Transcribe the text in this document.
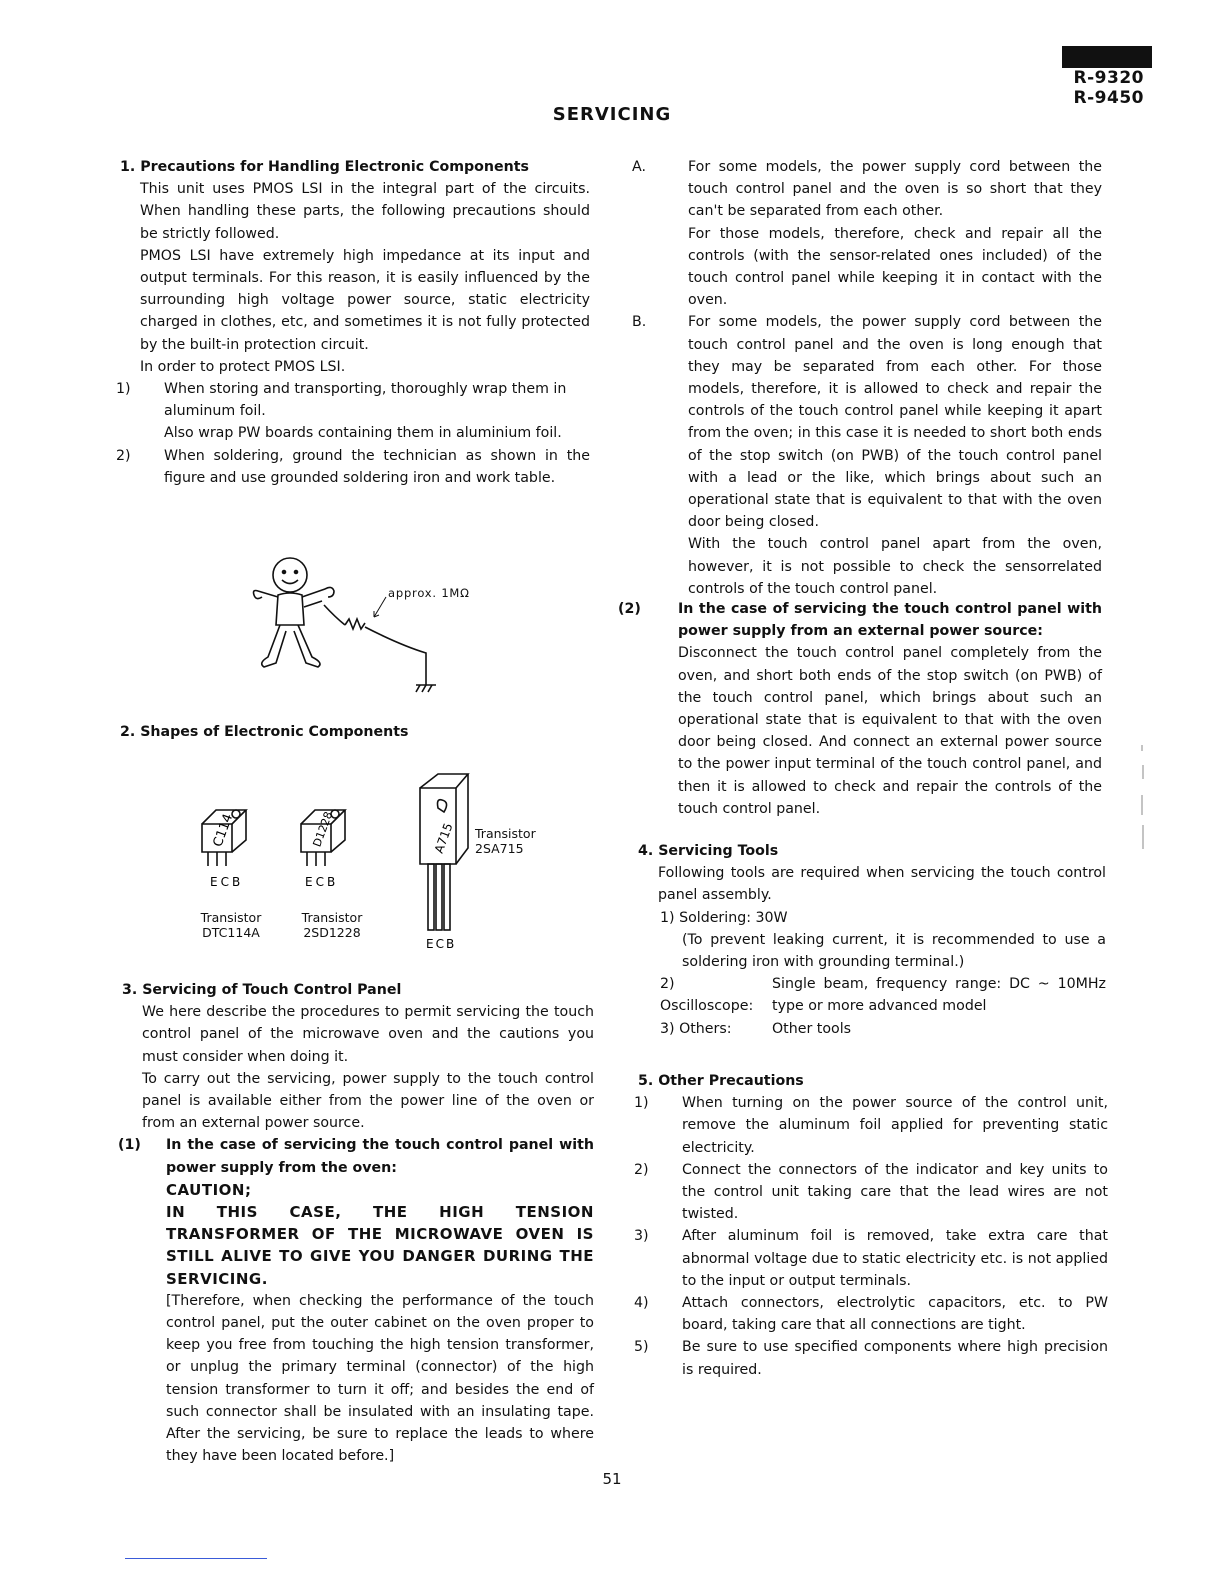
R-9320
R-9450
SERVICING

1. Precautions for Handling Electronic Components

This unit uses PMOS LSI in the integral part of the circuits. When handling these parts, the following precautions should be strictly followed.

PMOS LSI have extremely high impedance at its input and output terminals. For this reason, it is easily influenced by the surrounding high voltage power source, static electricity charged in clothes, etc, and sometimes it is not fully protected by the built-in protection circuit.

In order to protect PMOS LSI.

1) When storing and transporting, thoroughly wrap them in aluminum foil.

Also wrap PW boards containing them in aluminium foil.

2) When soldering, ground the technician as shown in the figure and use grounded soldering iron and work table.

approx. 1MΩ

2. Shapes of Electronic Components

C114
ECB
Transistor
DTC114A
D1228
ECB
Transistor
2SD1228
A715
ECB
Transistor
2SA715

3. Servicing of Touch Control Panel

We here describe the procedures to permit servicing the touch control panel of the microwave oven and the cautions you must consider when doing it.

To carry out the servicing, power supply to the touch control panel is available either from the power line of the oven or from an external power source.

(1) In the case of servicing the touch control panel with power supply from the oven:

CAUTION;

IN THIS CASE, THE HIGH TENSION TRANSFORMER OF THE MICROWAVE OVEN IS STILL ALIVE TO GIVE YOU DANGER DURING THE SERVICING.

[Therefore, when checking the performance of the touch control panel, put the outer cabinet on the oven proper to keep you free from touching the high tension transformer, or unplug the primary terminal (connector) of the high tension transformer to turn it off; and besides the end of such connector shall be insulated with an insulating tape. After the servicing, be sure to replace the leads to where they have been located before.]

A.	For some models, the power supply cord between the touch control panel and the oven is so short that they can't be separated from each other.

For those models, therefore, check and repair all the controls (with the sensor-related ones included) of the touch control panel while keeping it in contact with the oven.

B.	For some models, the power supply cord between the touch control panel and the oven is long enough that they may be separated from each other. For those models, therefore, it is allowed to check and repair the controls of the touch control panel while keeping it apart from the oven; in this case it is needed to short both ends of the stop switch (on PWB) of the touch control panel with a lead or the like, which brings about such an operational state that is equivalent to that with the oven door being closed.

With the touch control panel apart from the oven, however, it is not possible to check the sensorrelated controls of the touch control panel.

(2)	In the case of servicing the touch control panel with power supply from an external power source:

Disconnect the touch control panel completely from the oven, and short both ends of the stop switch (on PWB) of the touch control panel, which brings about such an operational state that is equivalent to that with the oven door being closed. And connect an external power source to the power input terminal of the touch control panel, and then it is allowed to check and repair the controls of the touch control panel.

4. Servicing Tools

Following tools are required when servicing the touch control panel assembly.

1) Soldering: 30W

(To prevent leaking current, it is recommended to use a soldering iron with grounding terminal.)

2) Oscilloscope:
Single beam, frequency range: DC ~ 10MHz type or more advanced model
3) Others:	Other tools

5. Other Precautions

1) When turning on the power source of the control unit, remove the aluminum foil applied for preventing static electricity.

2) Connect the connectors of the indicator and key units to the control unit taking care that the lead wires are not twisted.

3) After aluminum foil is removed, take extra care that abnormal voltage due to static electricity etc. is not applied to the input or output terminals.

4) Attach connectors, electrolytic capacitors, etc. to PW board, taking care that all connections are tight.

5) Be sure to use specified components where high precision is required.

51
